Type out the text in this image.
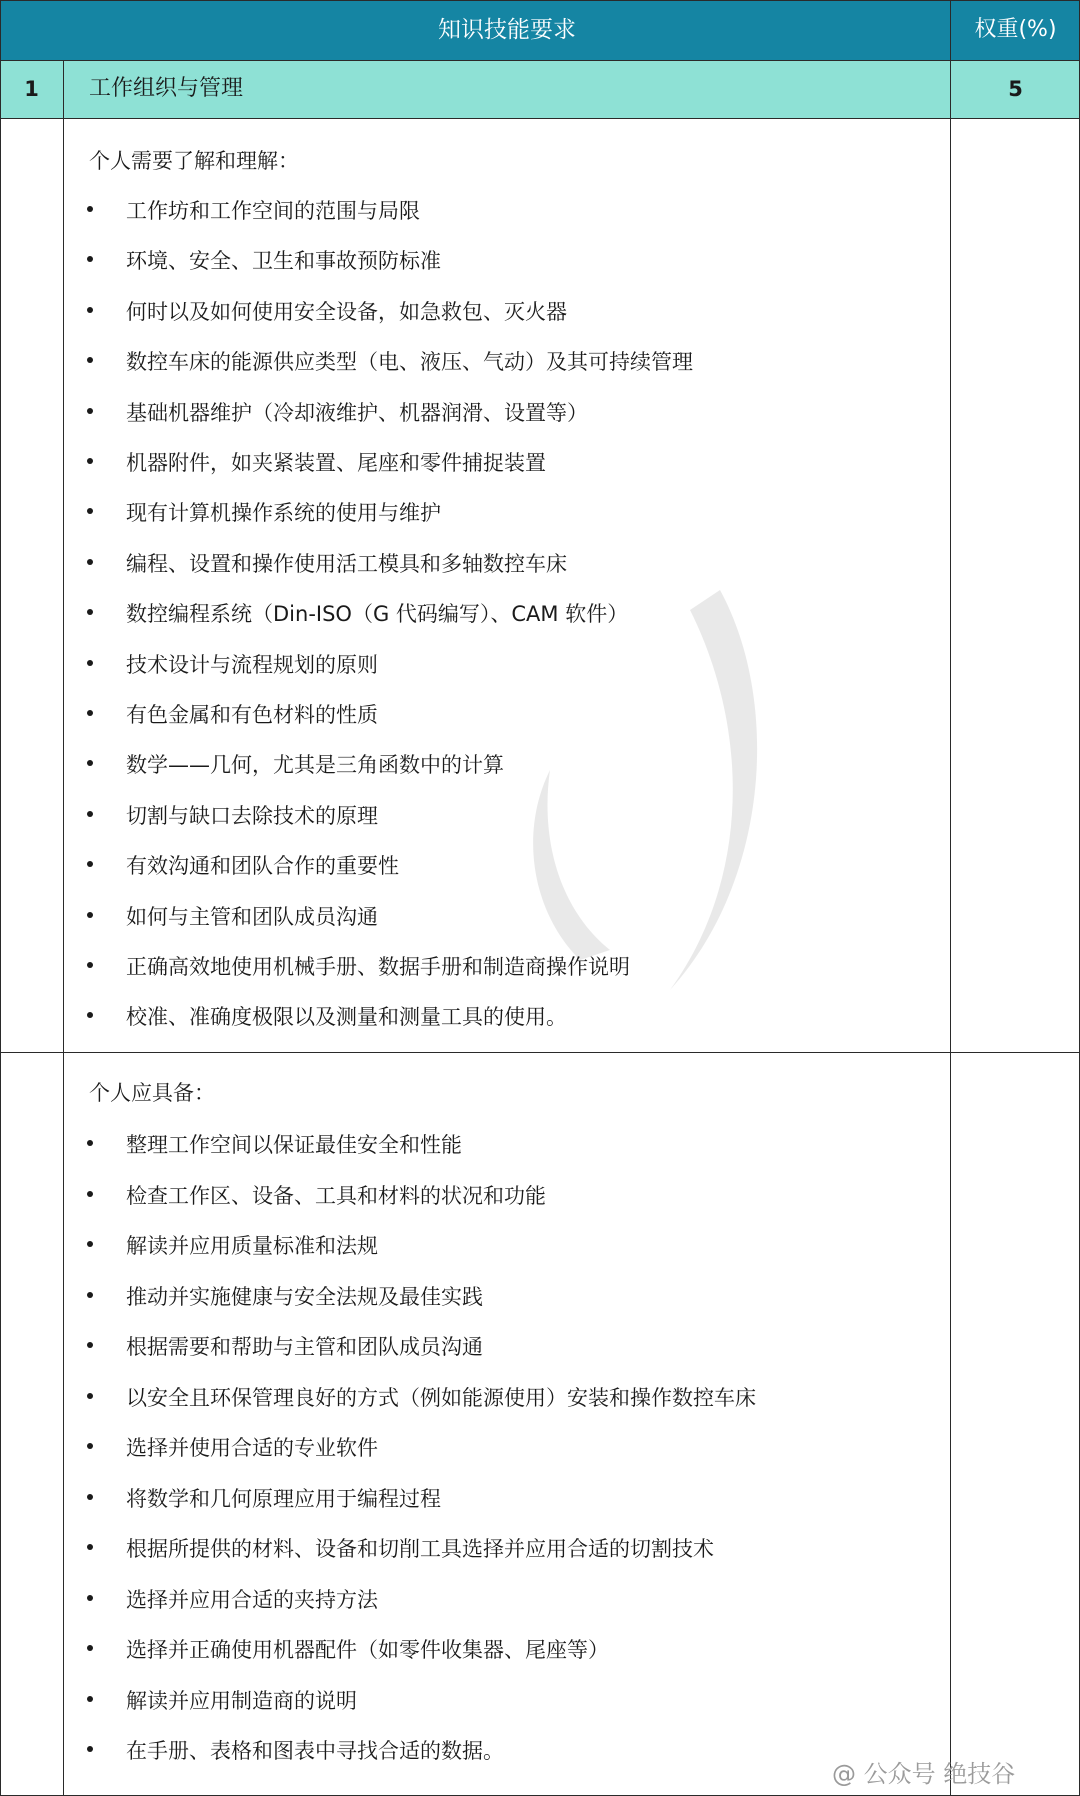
知识技能要求	权重(%)
1	工作组织与管理	5
个人需要了解和理解：
工作坊和工作空间的范围与局限
环境、安全、卫生和事故预防标准
何时以及如何使用安全设备，如急救包、灭火器
数控车床的能源供应类型（电、液压、气动）及其可持续管理
基础机器维护（冷却液维护、机器润滑、设置等）
机器附件，如夹紧装置、尾座和零件捕捉装置
现有计算机操作系统的使用与维护
编程、设置和操作使用活工模具和多轴数控车床
数控编程系统（Din-ISO（G 代码编写）、CAM 软件）
技术设计与流程规划的原则
有色金属和有色材料的性质
数学——几何，尤其是三角函数中的计算
切割与缺口去除技术的原理
有效沟通和团队合作的重要性
如何与主管和团队成员沟通
正确高效地使用机械手册、数据手册和制造商操作说明
校准、准确度极限以及测量和测量工具的使用。
个人应具备：
整理工作空间以保证最佳安全和性能
检查工作区、设备、工具和材料的状况和功能
解读并应用质量标准和法规
推动并实施健康与安全法规及最佳实践
根据需要和帮助与主管和团队成员沟通
以安全且环保管理良好的方式（例如能源使用）安装和操作数控车床
选择并使用合适的专业软件
将数学和几何原理应用于编程过程
根据所提供的材料、设备和切削工具选择并应用合适的切割技术
选择并应用合适的夹持方法
选择并正确使用机器配件（如零件收集器、尾座等）
解读并应用制造商的说明
在手册、表格和图表中寻找合适的数据。
@ 公众号 绝技谷
